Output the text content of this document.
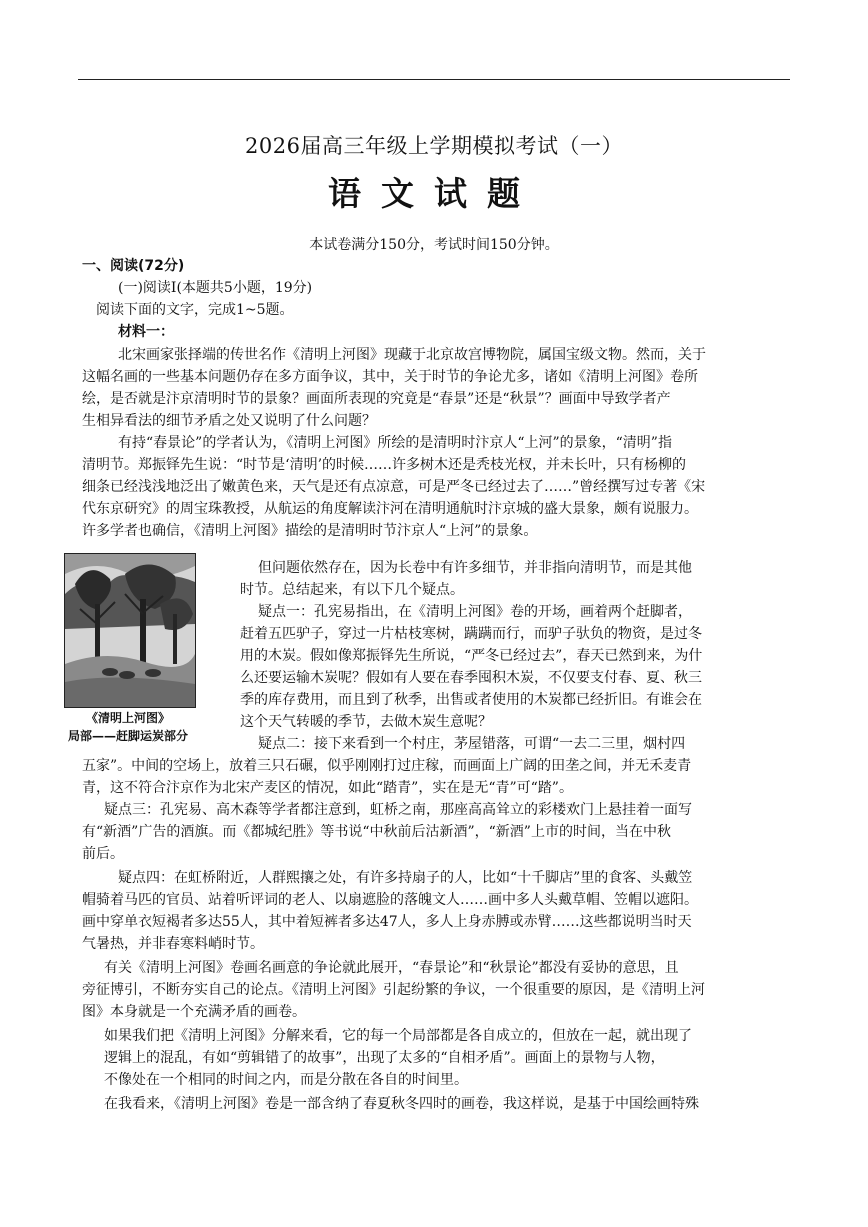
2026届高三年级上学期模拟考试（一）
语文试题
本试卷满分150分，考试时间150分钟。
一、阅读(72分)
(一)阅读Ⅰ(本题共5小题，19分)
阅读下面的文字，完成1~5题。
材料一：
北宋画家张择端的传世名作《清明上河图》现藏于北京故宫博物院，属国宝级文物。然而，关于
这幅名画的一些基本问题仍存在多方面争议，其中，关于时节的争论尤多，诸如《清明上河图》卷所
绘，是否就是汴京清明时节的景象？画面所表现的究竟是“春景”还是“秋景”？画面中导致学者产
生相异看法的细节矛盾之处又说明了什么问题？
有持“春景论”的学者认为，《清明上河图》所绘的是清明时汴京人“上河”的景象，“清明”指
清明节。郑振铎先生说：“时节是‘清明’的时候……许多树木还是秃枝光杈，并未长叶，只有杨柳的
细条已经浅浅地泛出了嫩黄色来，天气是还有点凉意，可是严冬已经过去了……”曾经撰写过专著《宋
代东京研究》的周宝珠教授，从航运的角度解读汴河在清明通航时汴京城的盛大景象，颇有说服力。
许多学者也确信，《清明上河图》描绘的是清明时节汴京人“上河”的景象。
《清明上河图》
局部——赶脚运炭部分
但问题依然存在，因为长卷中有许多细节，并非指向清明节，而是其他
时节。总结起来，有以下几个疑点。
疑点一：孔宪易指出，在《清明上河图》卷的开场，画着两个赶脚者，
赶着五匹驴子，穿过一片枯枝寒树，蹒蹒而行，而驴子驮负的物资，是过冬
用的木炭。假如像郑振铎先生所说，“严冬已经过去”，春天已然到来，为什
么还要运输木炭呢？假如有人要在春季囤积木炭，不仅要支付春、夏、秋三
季的库存费用，而且到了秋季，出售或者使用的木炭都已经折旧。有谁会在
这个天气转暖的季节，去做木炭生意呢？
疑点二：接下来看到一个村庄，茅屋错落，可谓“一去二三里，烟村四
五家”。中间的空场上，放着三只石碾，似乎刚刚打过庄稼，而画面上广阔的田垄之间，并无禾麦青
青，这不符合汴京作为北宋产麦区的情况，如此“踏青”，实在是无“青”可“踏”。
疑点三：孔宪易、高木森等学者都注意到，虹桥之南，那座高高耸立的彩楼欢门上悬挂着一面写
有“新酒”广告的酒旗。而《都城纪胜》等书说“中秋前后沽新酒”，“新酒”上市的时间，当在中秋
前后。
疑点四：在虹桥附近，人群熙攘之处，有许多持扇子的人，比如“十千脚店”里的食客、头戴笠
帽骑着马匹的官员、站着听评词的老人、以扇遮脸的落魄文人……画中多人头戴草帽、笠帽以遮阳。
画中穿单衣短褐者多达55人，其中着短裤者多达47人，多人上身赤膊或赤臂……这些都说明当时天
气暑热，并非春寒料峭时节。
有关《清明上河图》卷画名画意的争论就此展开，“春景论”和“秋景论”都没有妥协的意思，且
旁征博引，不断夯实自己的论点。《清明上河图》引起纷繁的争议，一个很重要的原因，是《清明上河
图》本身就是一个充满矛盾的画卷。
如果我们把《清明上河图》分解来看，它的每一个局部都是各自成立的，但放在一起，就出现了
逻辑上的混乱，有如“剪辑错了的故事”，出现了太多的“自相矛盾”。画面上的景物与人物，
不像处在一个相同的时间之内，而是分散在各自的时间里。
在我看来，《清明上河图》卷是一部含纳了春夏秋冬四时的画卷，我这样说，是基于中国绘画特殊
